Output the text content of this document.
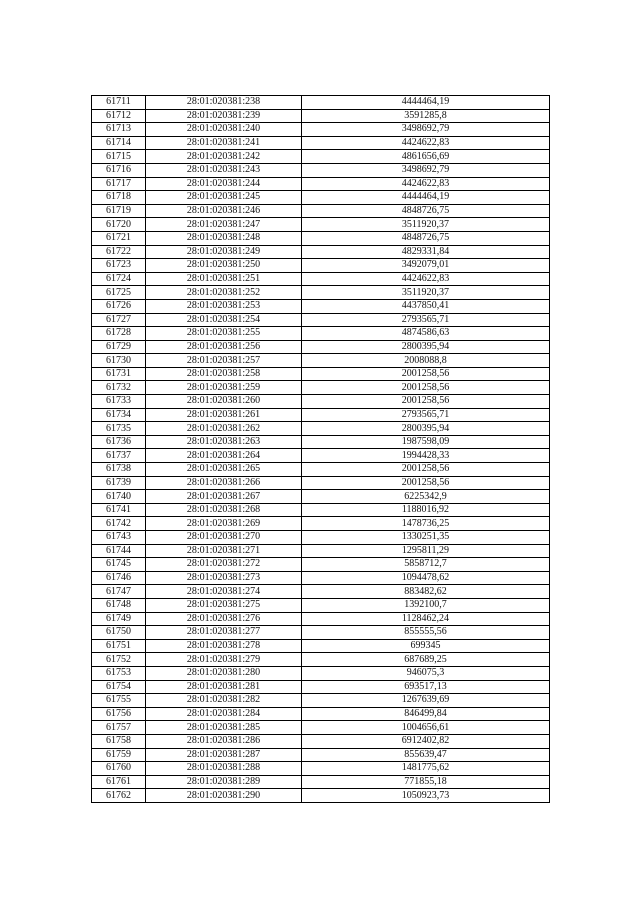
61711	28:01:020381:238	4444464,19
61712	28:01:020381:239	3591285,8
61713	28:01:020381:240	3498692,79
61714	28:01:020381:241	4424622,83
61715	28:01:020381:242	4861656,69
61716	28:01:020381:243	3498692,79
61717	28:01:020381:244	4424622,83
61718	28:01:020381:245	4444464,19
61719	28:01:020381:246	4848726,75
61720	28:01:020381:247	3511920,37
61721	28:01:020381:248	4848726,75
61722	28:01:020381:249	4829331,84
61723	28:01:020381:250	3492079,01
61724	28:01:020381:251	4424622,83
61725	28:01:020381:252	3511920,37
61726	28:01:020381:253	4437850,41
61727	28:01:020381:254	2793565,71
61728	28:01:020381:255	4874586,63
61729	28:01:020381:256	2800395,94
61730	28:01:020381:257	2008088,8
61731	28:01:020381:258	2001258,56
61732	28:01:020381:259	2001258,56
61733	28:01:020381:260	2001258,56
61734	28:01:020381:261	2793565,71
61735	28:01:020381:262	2800395,94
61736	28:01:020381:263	1987598,09
61737	28:01:020381:264	1994428,33
61738	28:01:020381:265	2001258,56
61739	28:01:020381:266	2001258,56
61740	28:01:020381:267	6225342,9
61741	28:01:020381:268	1188016,92
61742	28:01:020381:269	1478736,25
61743	28:01:020381:270	1330251,35
61744	28:01:020381:271	1295811,29
61745	28:01:020381:272	5858712,7
61746	28:01:020381:273	1094478,62
61747	28:01:020381:274	883482,62
61748	28:01:020381:275	1392100,7
61749	28:01:020381:276	1128462,24
61750	28:01:020381:277	855555,56
61751	28:01:020381:278	699345
61752	28:01:020381:279	687689,25
61753	28:01:020381:280	946075,3
61754	28:01:020381:281	693517,13
61755	28:01:020381:282	1267639,69
61756	28:01:020381:284	846499,84
61757	28:01:020381:285	1004656,61
61758	28:01:020381:286	6912402,82
61759	28:01:020381:287	855639,47
61760	28:01:020381:288	1481775,62
61761	28:01:020381:289	771855,18
61762	28:01:020381:290	1050923,73
